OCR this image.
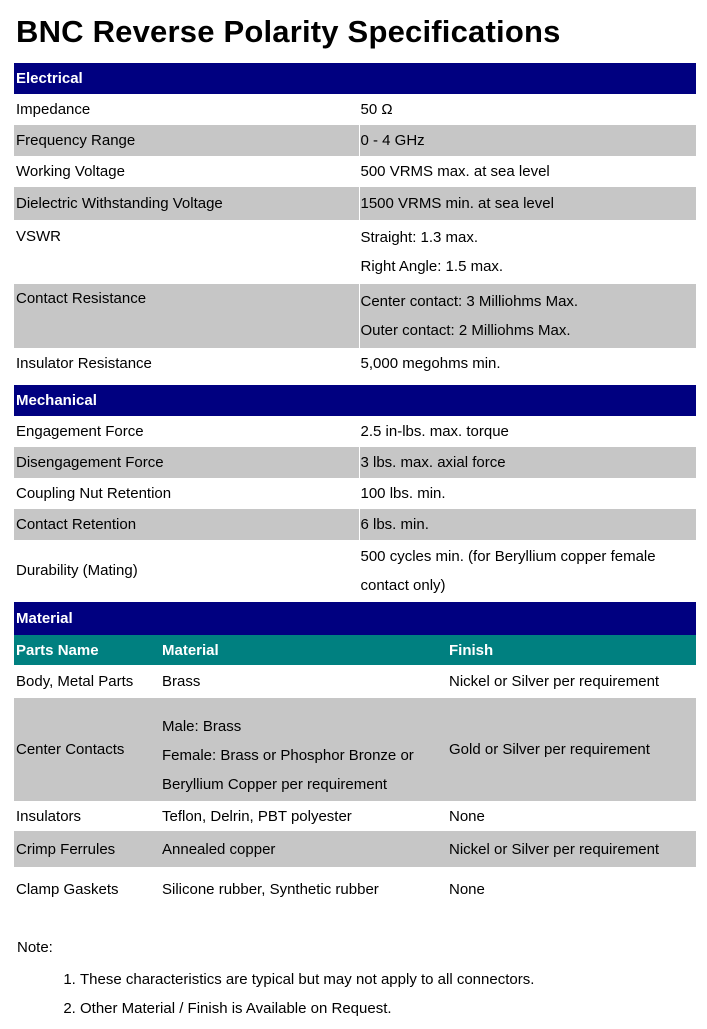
BNC Reverse Polarity Specifications
Electrical	
Impedance	50 Ω
Frequency Range	0 - 4 GHz
Working Voltage	500 VRMS max. at sea level
Dielectric Withstanding Voltage	1500 VRMS min. at sea level
VSWR	Straight: 1.3 max.
Right Angle: 1.5 max.

Contact Resistance	Center contact: 3 Milliohms Max.
Outer contact: 2 Milliohms Max.

Insulator Resistance	5,000 megohms min.
Mechanical	
Engagement Force	2.5 in-lbs. max. torque
Disengagement Force	3 lbs. max. axial force
Coupling Nut Retention	100 lbs. min.
Contact Retention	6 lbs. min.
Durability (Mating)	500 cycles min. (for Beryllium copper female
contact only)
Material		
Parts Name	Material	Finish
Body, Metal Parts	Brass	Nickel or Silver per requirement
Center Contacts	Male: Brass
Female: Brass or Phosphor Bronze or
Beryllium Copper per requirement	Gold or Silver per requirement
Insulators	Teflon, Delrin, PBT polyester	None
Crimp Ferrules	Annealed copper	Nickel or Silver per requirement
Clamp Gaskets	Silicone rubber, Synthetic rubber	None
Note:
1. These characteristics are typical but may not apply to all connectors.
2. Other Material / Finish is Available on Request.
